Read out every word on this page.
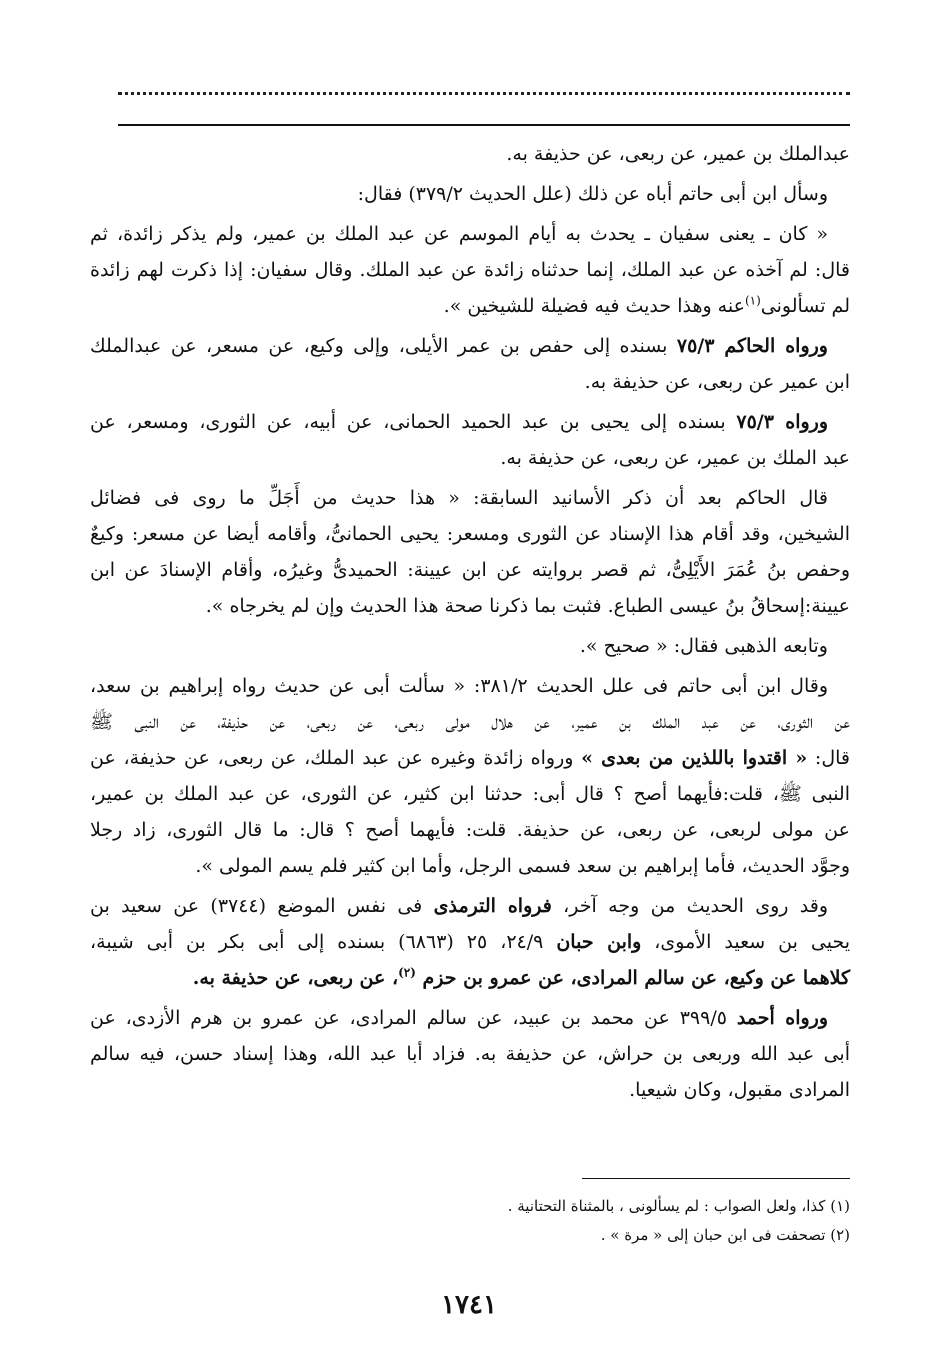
عبدالملك بن عمير، عن ربعى، عن حذيفة به.

وسأل ابن أبى حاتم أباه عن ذلك (علل الحديث ٣٧٩/٢) فقال:

« كان ـ يعنى سفيان ـ يحدث به أيام الموسم عن عبد الملك بن عمير، ولم يذكر زائدة، ثم
قال: لم آخذه عن عبد الملك، إنما حدثناه زائدة عن عبد الملك. وقال سفيان: إذا ذكرت لهم زائدة
لم تسألونى$^{(١)}$عنه وهذا حديث فيه فضيلة للشيخين ».

ورواه الحاكم ٧٥/٣ بسنده إلى حفص بن عمر الأيلى، وإلى وكيع، عن مسعر، عن عبدالملك
ابن عمير عن ربعى، عن حذيفة به.

ورواه ٧٥/٣ بسنده إلى يحيى بن عبد الحميد الحمانى، عن أبيه، عن الثورى، ومسعر، عن
عبد الملك بن عمير، عن ربعى، عن حذيفة به.

قال الحاكم بعد أن ذكر الأسانيد السابقة: « هذا حديث من أَجَلِّ ما روى فى فضائل
الشيخين، وقد أقام هذا الإسناد عن الثورى ومسعر: يحيى الحمانىُّ، وأقامه أيضا عن مسعر: وكيعٌ
وحفص بنُ عُمَرَ الأَيْلِىُّ، ثم قصر بروايته عن ابن عيينة: الحميدىُّ وغيرُه، وأقام الإسنادَ عن ابن
عيينة:إسحاقُ بنُ عيسى الطباع. فثبت بما ذكرنا صحة هذا الحديث وإن لم يخرجاه ».

وتابعه الذهبى فقال: « صحيح ».

وقال ابن أبى حاتم فى علل الحديث ٣٨١/٢: « سألت أبى عن حديث رواه إبراهيم بن سعد،
عن الثورى، عن عبد الملك بن عمير، عن هلال مولى ربعى، عن ربعى، عن حذيفة، عن النبى ﷺ
قال: « اقتدوا باللذين من بعدى » ورواه زائدة وغيره عن عبد الملك، عن ربعى، عن حذيفة، عن
النبى ﷺ، قلت:فأيهما أصح ؟ قال أبى: حدثنا ابن كثير، عن الثورى، عن عبد الملك بن عمير،
عن مولى لربعى، عن ربعى، عن حذيفة. قلت: فأيهما أصح ؟ قال: ما قال الثورى، زاد رجلا
وجوَّد الحديث، فأما إبراهيم بن سعد فسمى الرجل، وأما ابن كثير فلم يسم المولى ».

وقد روى الحديث من وجه آخر، فرواه الترمذى فى نفس الموضع (٣٧٤٤) عن سعيد بن
يحيى بن سعيد الأموى، وابن حبان ٢٤/٩، ٢٥ (٦٨٦٣) بسنده إلى أبى بكر بن أبى شيبة،
كلاهما عن وكيع، عن سالم المرادى، عن عمرو بن حزم $^{(٢)}$، عن ربعى، عن حذيفة به.

ورواه أحمد ٣٩٩/٥ عن محمد بن عبيد، عن سالم المرادى، عن عمرو بن هرم الأزدى، عن
أبى عبد الله وربعى بن حراش، عن حذيفة به. فزاد أبا عبد الله، وهذا إسناد حسن، فيه سالم
المرادى مقبول، وكان شيعيا.

(١) كذا، ولعل الصواب : لم يسألونى ، بالمثناة التحتانية .
(٢) تصحفت فى ابن حبان إلى « مرة » .
١٧٤١
